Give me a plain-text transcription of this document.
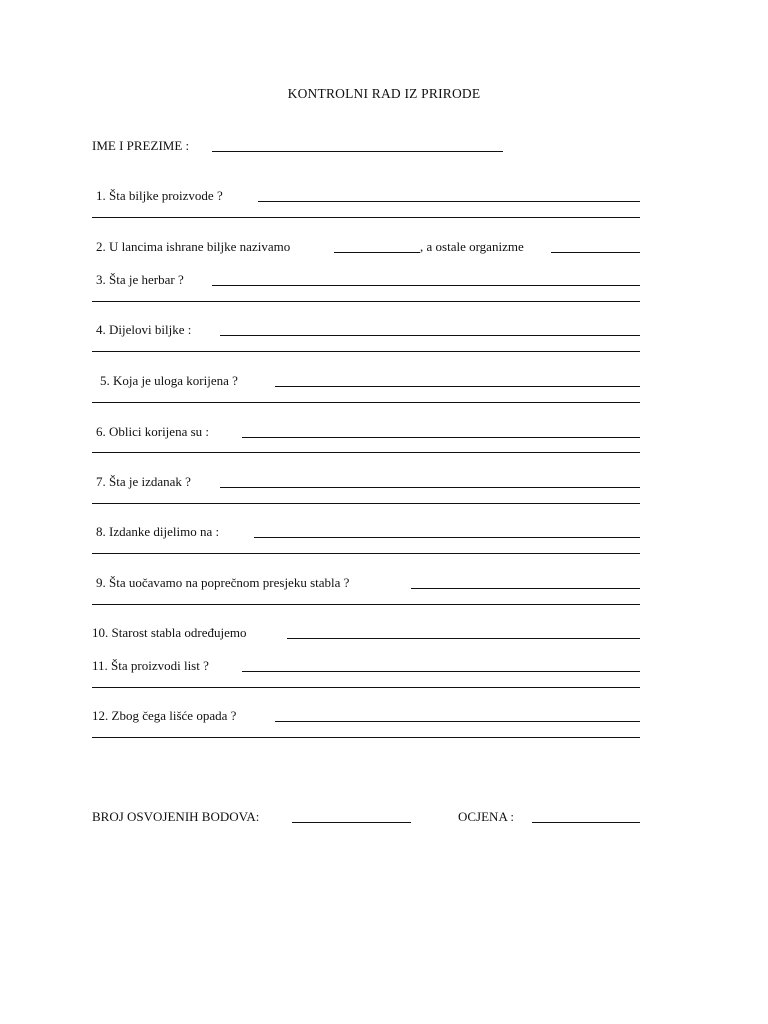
KONTROLNI RAD IZ PRIRODE
IME I PREZIME :
1. Šta biljke proizvode ?
2. U lancima ishrane biljke nazivamo	, a ostale organizme
3. Šta je herbar ?
4. Dijelovi biljke :
5. Koja je uloga korijena ?
6. Oblici korijena su :
7. Šta je izdanak ?
8. Izdanke dijelimo na :
9. Šta uočavamo na poprečnom presjeku stabla ?
10. Starost stabla određujemo
11. Šta proizvodi list ?
12. Zbog čega lišće opada ?
BROJ OSVOJENIH BODOVA:	OCJENA :
